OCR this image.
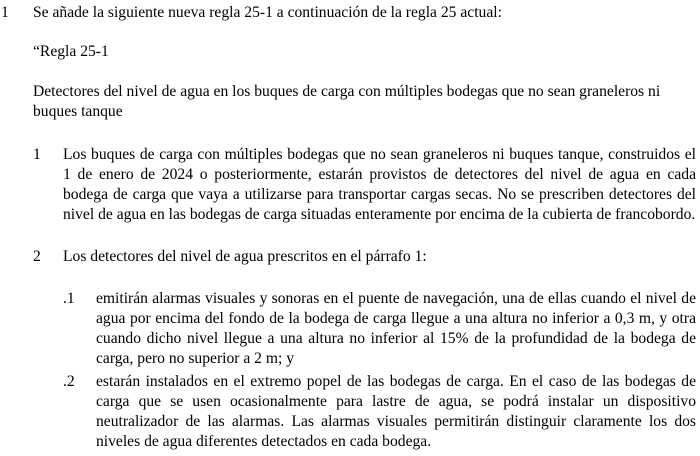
1 Se añade la siguiente nueva regla 25-1 a continuación de la regla 25 actual:
“Regla 25-1
Detectores del nivel de agua en los buques de carga con múltiples bodegas que no sean graneleros ni buques tanque
1 Los buques de carga con múltiples bodegas que no sean graneleros ni buques tanque, construidos el 1 de enero de 2024 o posteriormente, estarán provistos de detectores del nivel de agua en cada bodega de carga que vaya a utilizarse para transportar cargas secas. No se prescriben detectores del nivel de agua en las bodegas de carga situadas enteramente por encima de la cubierta de francobordo.
2 Los detectores del nivel de agua prescritos en el párrafo 1:
.1 emitirán alarmas visuales y sonoras en el puente de navegación, una de ellas cuando el nivel de agua por encima del fondo de la bodega de carga llegue a una altura no inferior a 0,3 m, y otra cuando dicho nivel llegue a una altura no inferior al 15% de la profundidad de la bodega de carga, pero no superior a 2 m; y
.2 estarán instalados en el extremo popel de las bodegas de carga. En el caso de las bodegas de carga que se usen ocasionalmente para lastre de agua, se podrá instalar un dispositivo neutralizador de las alarmas. Las alarmas visuales permitirán distinguir claramente los dos niveles de agua diferentes detectados en cada bodega.
